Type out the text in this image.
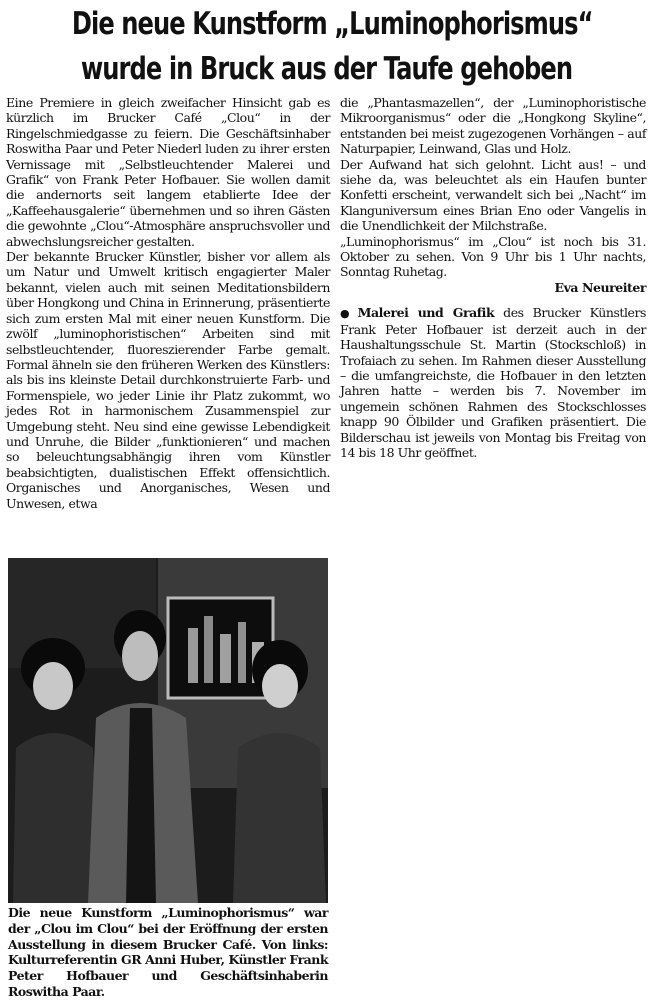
Die neue Kunstform „Luminophorismus“
wurde in Bruck aus der Taufe gehoben

Eine Premiere in gleich zweifacher Hinsicht gab es kürzlich im Brucker Café „Clou“ in der Ringelschmiedgasse zu feiern. Die Geschäftsinhaber Roswitha Paar und Peter Niederl luden zu ihrer ersten Vernissage mit „Selbstleuchtender Malerei und Grafik“ von Frank Peter Hofbauer. Sie wollen damit die andernorts seit langem etablierte Idee der „Kaffeehausgalerie“ übernehmen und so ihren Gästen die gewohnte „Clou“-Atmosphäre anspruchsvoller und abwechslungsreicher gestalten.

Der bekannte Brucker Künstler, bisher vor allem als um Natur und Umwelt kritisch engagierter Maler bekannt, vielen auch mit seinen Meditationsbildern über Hongkong und China in Erinnerung, präsentierte sich zum ersten Mal mit einer neuen Kunstform. Die zwölf „luminophoristischen“ Arbeiten sind mit selbstleuchtender, fluoreszierender Farbe gemalt. Formal ähneln sie den früheren Werken des Künstlers: als bis ins kleinste Detail durchkonstruierte Farb- und Formenspiele, wo jeder Linie ihr Platz zukommt, wo jedes Rot in harmonischem Zusammenspiel zur Umgebung steht. Neu sind eine gewisse Lebendigkeit und Unruhe, die Bilder „funktionieren“ und machen so beleuchtungsabhängig ihren vom Künstler beabsichtigten, dualistischen Effekt offensichtlich. Organisches und Anorganisches, Wesen und Unwesen, etwa

die „Phantasmazellen“, der „Luminophoristische Mikroorganismus“ oder die „Hongkong Skyline“, entstanden bei meist zugezogenen Vorhängen – auf Naturpapier, Leinwand, Glas und Holz.

Der Aufwand hat sich gelohnt. Licht aus! – und siehe da, was beleuchtet als ein Haufen bunter Konfetti erscheint, verwandelt sich bei „Nacht“ im Klanguniversum eines Brian Eno oder Vangelis in die Unendlichkeit der Milchstraße.

„Luminophorismus“ im „Clou“ ist noch bis 31. Oktober zu sehen. Von 9 Uhr bis 1 Uhr nachts, Sonntag Ruhetag.

Eva Neureiter

● Malerei und Grafik des Brucker Künstlers Frank Peter Hofbauer ist derzeit auch in der Haushaltungsschule St. Martin (Stockschloß) in Trofaiach zu sehen. Im Rahmen dieser Ausstellung – die umfangreichste, die Hofbauer in den letzten Jahren hatte – werden bis 7. November im ungemein schönen Rahmen des Stockschlosses knapp 90 Ölbilder und Grafiken präsentiert. Die Bilderschau ist jeweils von Montag bis Freitag von 14 bis 18 Uhr geöffnet.

Die neue Kunstform „Luminophorismus“ war der „Clou im Clou“ bei der Eröffnung der ersten Ausstellung in diesem Brucker Café. Von links: Kulturreferentin GR Anni Huber, Künstler Frank Peter Hofbauer und Geschäftsinhaberin Roswitha Paar.
